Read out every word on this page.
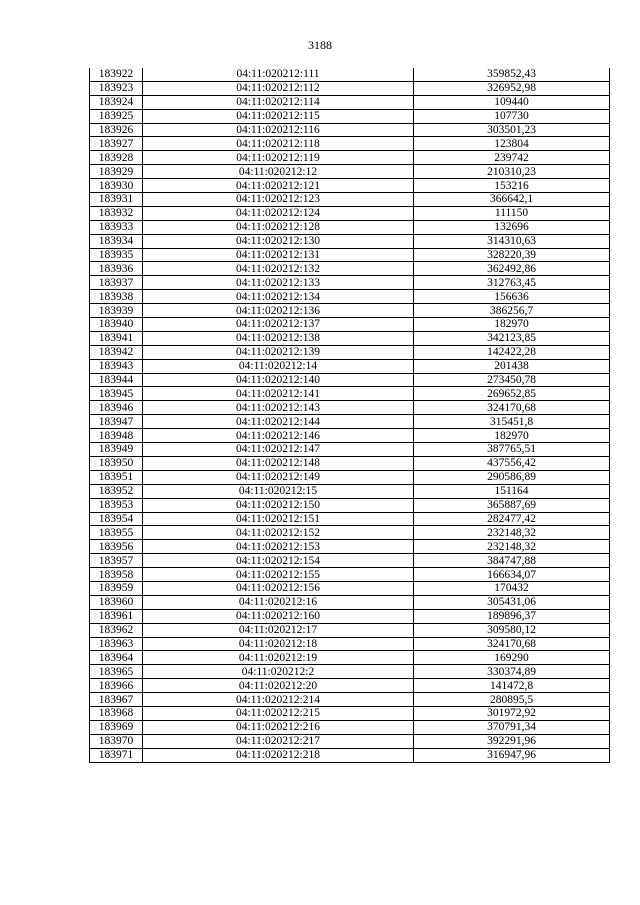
3188
183922	04:11:020212:111	359852,43
183923	04:11:020212:112	326952,98
183924	04:11:020212:114	109440
183925	04:11:020212:115	107730
183926	04:11:020212:116	303501,23
183927	04:11:020212:118	123804
183928	04:11:020212:119	239742
183929	04:11:020212:12	210310,23
183930	04:11:020212:121	153216
183931	04:11:020212:123	366642,1
183932	04:11:020212:124	111150
183933	04:11:020212:128	132696
183934	04:11:020212:130	314310,63
183935	04:11:020212:131	328220,39
183936	04:11:020212:132	362492,86
183937	04:11:020212:133	312763,45
183938	04:11:020212:134	156636
183939	04:11:020212:136	386256,7
183940	04:11:020212:137	182970
183941	04:11:020212:138	342123,85
183942	04:11:020212:139	142422,28
183943	04:11:020212:14	201438
183944	04:11:020212:140	273450,78
183945	04:11:020212:141	269652,85
183946	04:11:020212:143	324170,68
183947	04:11:020212:144	315451,8
183948	04:11:020212:146	182970
183949	04:11:020212:147	387765,51
183950	04:11:020212:148	437556,42
183951	04:11:020212:149	290586,89
183952	04:11:020212:15	151164
183953	04:11:020212:150	365887,69
183954	04:11:020212:151	282477,42
183955	04:11:020212:152	232148,32
183956	04:11:020212:153	232148,32
183957	04:11:020212:154	384747,88
183958	04:11:020212:155	166634,07
183959	04:11:020212:156	170432
183960	04:11:020212:16	305431,06
183961	04:11:020212:160	189896,37
183962	04:11:020212:17	309580,12
183963	04:11:020212:18	324170,68
183964	04:11:020212:19	169290
183965	04:11:020212:2	330374,89
183966	04:11:020212:20	141472,8
183967	04:11:020212:214	280895,5
183968	04:11:020212:215	301972,92
183969	04:11:020212:216	370791,34
183970	04:11:020212:217	392291,96
183971	04:11:020212:218	316947,96
